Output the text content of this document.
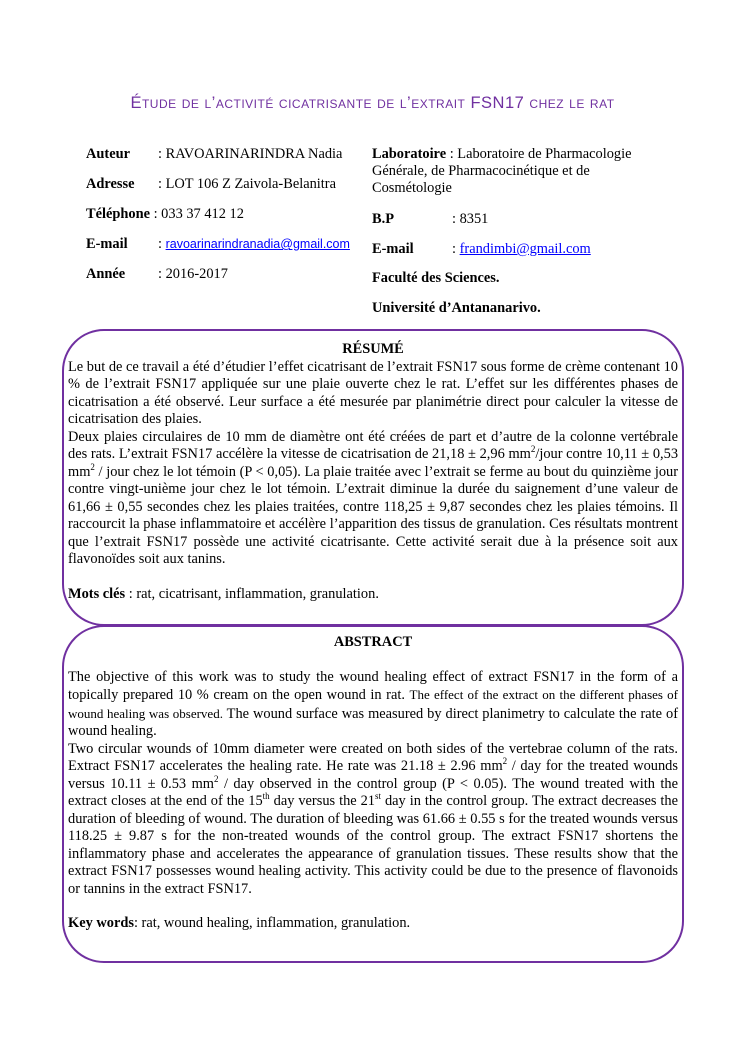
Étude de l’activité cicatrisante de l’extrait FSN17 chez le rat
Auteur : RAVOARINARINDRA Nadia
Adresse : LOT 106 Z Zaivola-Belanitra
Téléphone : 033 37 412 12
E-mail : ravoarinarindranadia@gmail.com
Année : 2016-2017
Laboratoire : Laboratoire de Pharmacologie Générale, de Pharmacocinétique et de Cosmétologie
B.P	: 8351
E-mail	: frandimbi@gmail.com
Faculté des Sciences.
Université d’Antananarivo.

RÉSUMÉ

Le but de ce travail a été d’étudier l’effet cicatrisant de l’extrait FSN17 sous forme de crème contenant 10 % de l’extrait FSN17 appliquée sur une plaie ouverte chez le rat. L’effet sur les différentes phases de cicatrisation a été observé. Leur surface a été mesurée par planimétrie direct pour calculer la vitesse de cicatrisation des plaies.

Deux plaies circulaires de 10 mm de diamètre ont été créées de part et d’autre de la colonne vertébrale des rats. L’extrait FSN17 accélère la vitesse de cicatrisation de 21,18 ± 2,96 $mm^2$/jour contre 10,11 ± 0,53 $mm^2$ / jour chez le lot témoin (P < 0,05). La plaie traitée avec l’extrait se ferme au bout du quinzième jour contre vingt-unième jour chez le lot témoin. L’extrait diminue la durée du saignement d’une valeur de 61,66 ± 0,55 secondes chez les plaies traitées, contre 118,25 ± 9,87 secondes chez les plaies témoins. Il raccourcit la phase inflammatoire et accélère l’apparition des tissus de granulation. Ces résultats montrent que l’extrait FSN17 possède une activité cicatrisante. Cette activité serait due à la présence soit aux flavonoïdes soit aux tanins.

Mots clés : rat, cicatrisant, inflammation, granulation.

ABSTRACT

The objective of this work was to study the wound healing effect of extract FSN17 in the form of a topically prepared 10 % cream on the open wound in rat. The effect of the extract on the different phases of wound healing was observed. The wound surface was measured by direct planimetry to calculate the rate of wound healing.

Two circular wounds of 10mm diameter were created on both sides of the vertebrae column of the rats. Extract FSN17 accelerates the healing rate. He rate was 21.18 ± 2.96 $mm^2$ / day for the treated wounds versus 10.11 ± 0.53 $mm^2$ / day observed in the control group (P < 0.05). The wound treated with the extract closes at the end of the 15th day versus the 21st day in the control group. The extract decreases the duration of bleeding of wound. The duration of bleeding was 61.66 ± 0.55 s for the treated wounds versus 118.25 ± 9.87 s for the non-treated wounds of the control group. The extract FSN17 shortens the inflammatory phase and accelerates the appearance of granulation tissues. These results show that the extract FSN17 possesses wound healing activity. This activity could be due to the presence of flavonoids or tannins in the extract FSN17.

Key words: rat, wound healing, inflammation, granulation.
